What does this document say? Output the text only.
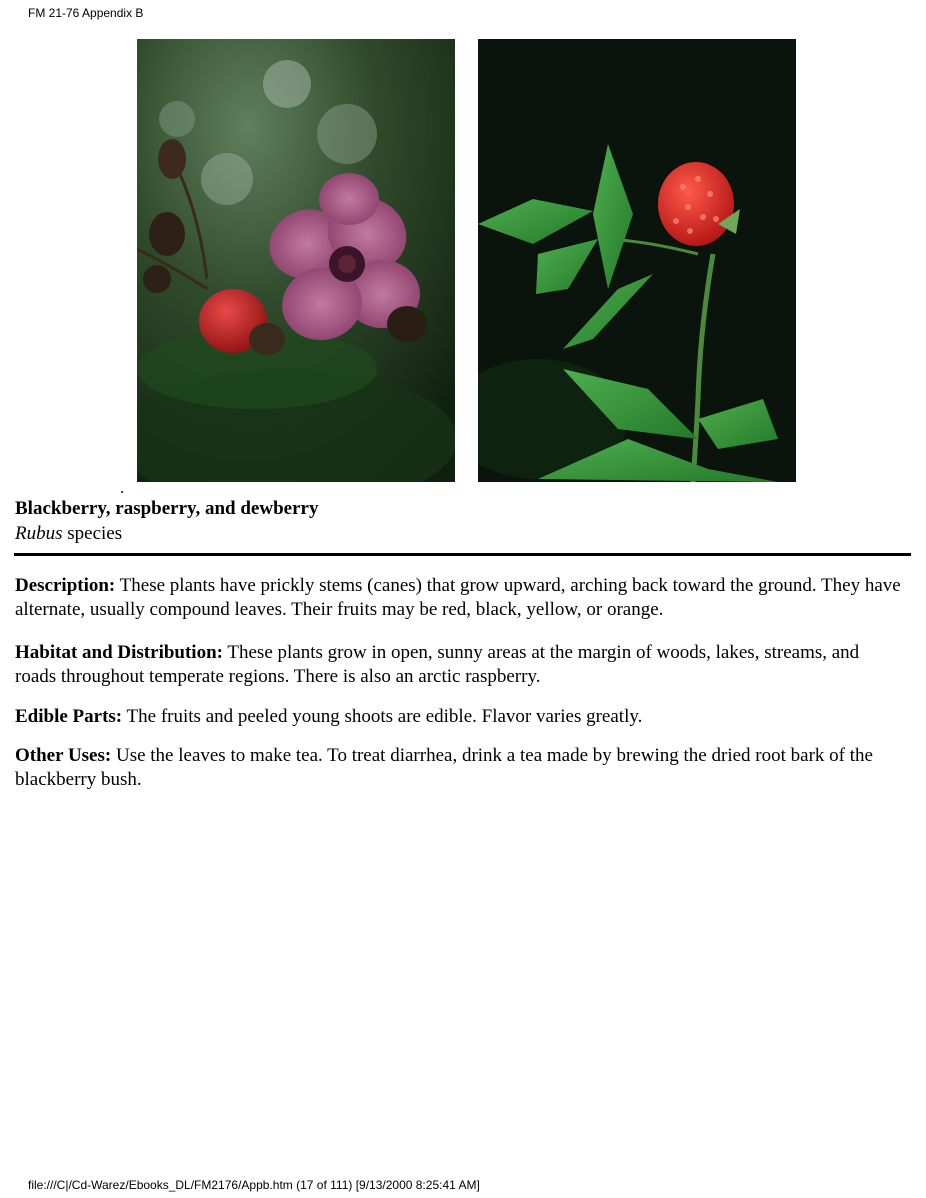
FM 21-76 Appendix B
Blackberry, raspberry, and dewberry
Rubus species
Description: These plants have prickly stems (canes) that grow upward, arching back toward the ground. They have alternate, usually compound leaves. Their fruits may be red, black, yellow, or orange.
Habitat and Distribution: These plants grow in open, sunny areas at the margin of woods, lakes, streams, and roads throughout temperate regions. There is also an arctic raspberry.
Edible Parts: The fruits and peeled young shoots are edible. Flavor varies greatly.
Other Uses: Use the leaves to make tea. To treat diarrhea, drink a tea made by brewing the dried root bark of the blackberry bush.
file:///C|/Cd-Warez/Ebooks_DL/FM2176/Appb.htm (17 of 111) [9/13/2000 8:25:41 AM]
